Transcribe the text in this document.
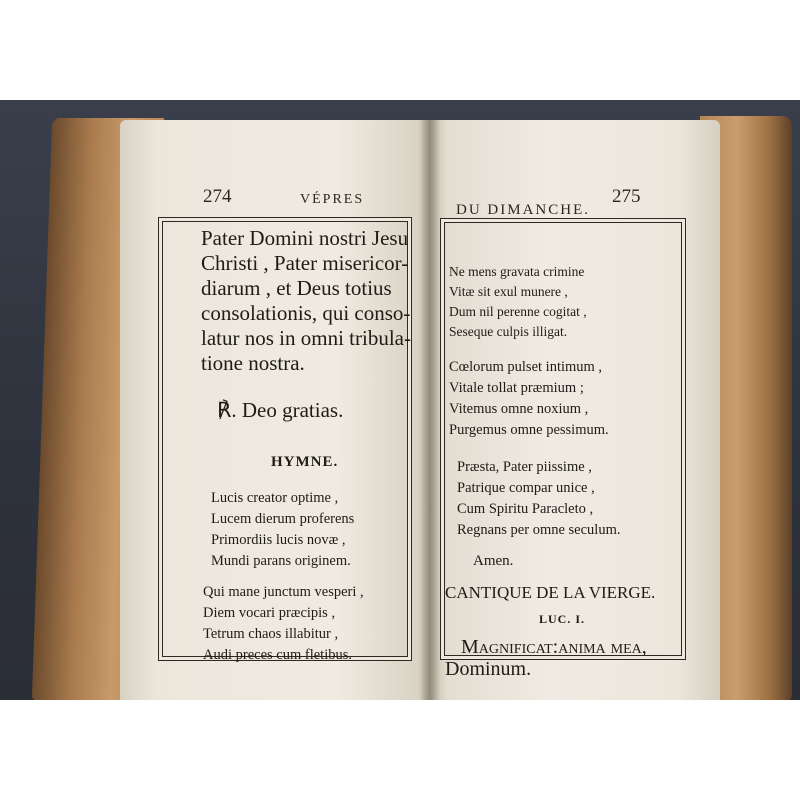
274	VÉPRES
DU DIMANCHE.
275
Pater Domini nostri Jesu
Christi , Pater misericor-
diarum , et Deus totius
consolationis, qui conso-
latur nos in omni tribula-
tione nostra.
℟. Deo gratias.
HYMNE.
Lucis creator optime ,
Lucem dierum proferens
Primordiis lucis novæ ,
Mundi parans originem.
Qui mane junctum vesperi ,
Diem vocari præcipis ,
Tetrum chaos illabitur ,
Audi preces cum fletibus.
Ne mens gravata crimine
Vitæ sit exul munere ,
Dum nil perenne cogitat ,
Seseque culpis illigat.
Cœlorum pulset intimum ,
Vitale tollat præmium ;
Vitemus omne noxium ,
Purgemus omne pessimum.
Præsta, Pater piissime ,
Patrique compar unice ,
Cum Spiritu Paracleto ,
Regnans per omne seculum.
Amen.
CANTIQUE DE LA VIERGE.
LUC. I.
Magnificat:anima mea,
Dominum.
